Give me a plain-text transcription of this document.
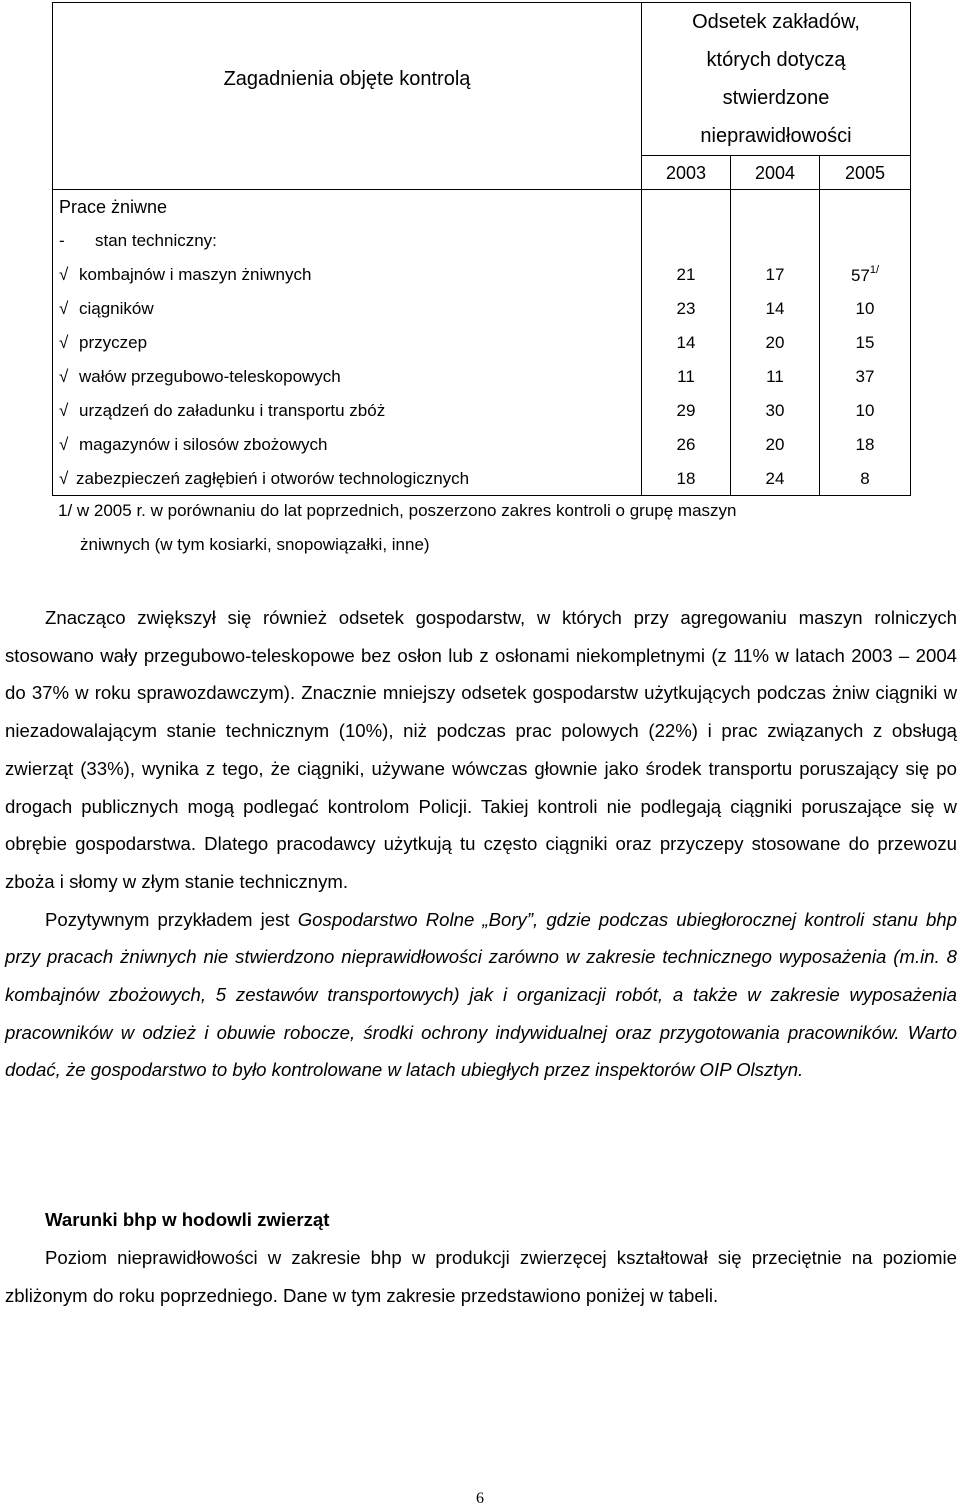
Zagadnienia objęte kontrolą	Odsetek zakładów,
których dotyczą
stwierdzone
nieprawidłowości		

	2003	2004	2005
Prace żniwne			
- stan techniczny:			
√ kombajnów i maszyn żniwnych	21	17	57$^{1/}$
√ ciągników	23	14	10
√ przyczep	14	20	15
√ wałów przegubowo-teleskopowych	11	11	37
√ urządzeń do załadunku i transportu zbóż	29	30	10
√ magazynów i silosów zbożowych	26	20	18
√ zabezpieczeń zagłębień i otworów technologicznych	18	24	8
1/ w 2005 r. w porównaniu do lat poprzednich, poszerzono zakres kontroli o grupę maszyn
żniwnych (w tym kosiarki, snopowiązałki, inne)

Znacząco zwiększył się również odsetek gospodarstw, w których przy agregowaniu maszyn rolniczych stosowano wały przegubowo-teleskopowe bez osłon lub z osłonami niekompletnymi (z 11% w latach 2003 – 2004 do 37% w roku sprawozdawczym). Znacznie mniejszy odsetek gospodarstw użytkujących podczas żniw ciągniki w niezadowalającym stanie technicznym (10%), niż podczas prac polowych (22%) i prac związanych z obsługą zwierząt (33%), wynika z tego, że ciągniki, używane wówczas głownie jako środek transportu poruszający się po drogach publicznych mogą podlegać kontrolom Policji. Takiej kontroli nie podlegają ciągniki poruszające się w obrębie gospodarstwa. Dlatego pracodawcy użytkują tu często ciągniki oraz przyczepy stosowane do przewozu zboża i słomy w złym stanie technicznym.

Pozytywnym przykładem jest Gospodarstwo Rolne „Bory”, gdzie podczas ubiegłorocznej kontroli stanu bhp przy pracach żniwnych nie stwierdzono nieprawidłowości zarówno w zakresie technicznego wyposażenia (m.in. 8 kombajnów zbożowych, 5 zestawów transportowych) jak i organizacji robót, a także w zakresie wyposażenia pracowników w odzież i obuwie robocze, środki ochrony indywidualnej oraz przygotowania pracowników. Warto dodać, że gospodarstwo to było kontrolowane w latach ubiegłych przez inspektorów OIP Olsztyn.

Warunki bhp w hodowli zwierząt

Poziom nieprawidłowości w zakresie bhp w produkcji zwierzęcej kształtował się przeciętnie na poziomie zbliżonym do roku poprzedniego. Dane w tym zakresie przedstawiono poniżej w tabeli.

6
